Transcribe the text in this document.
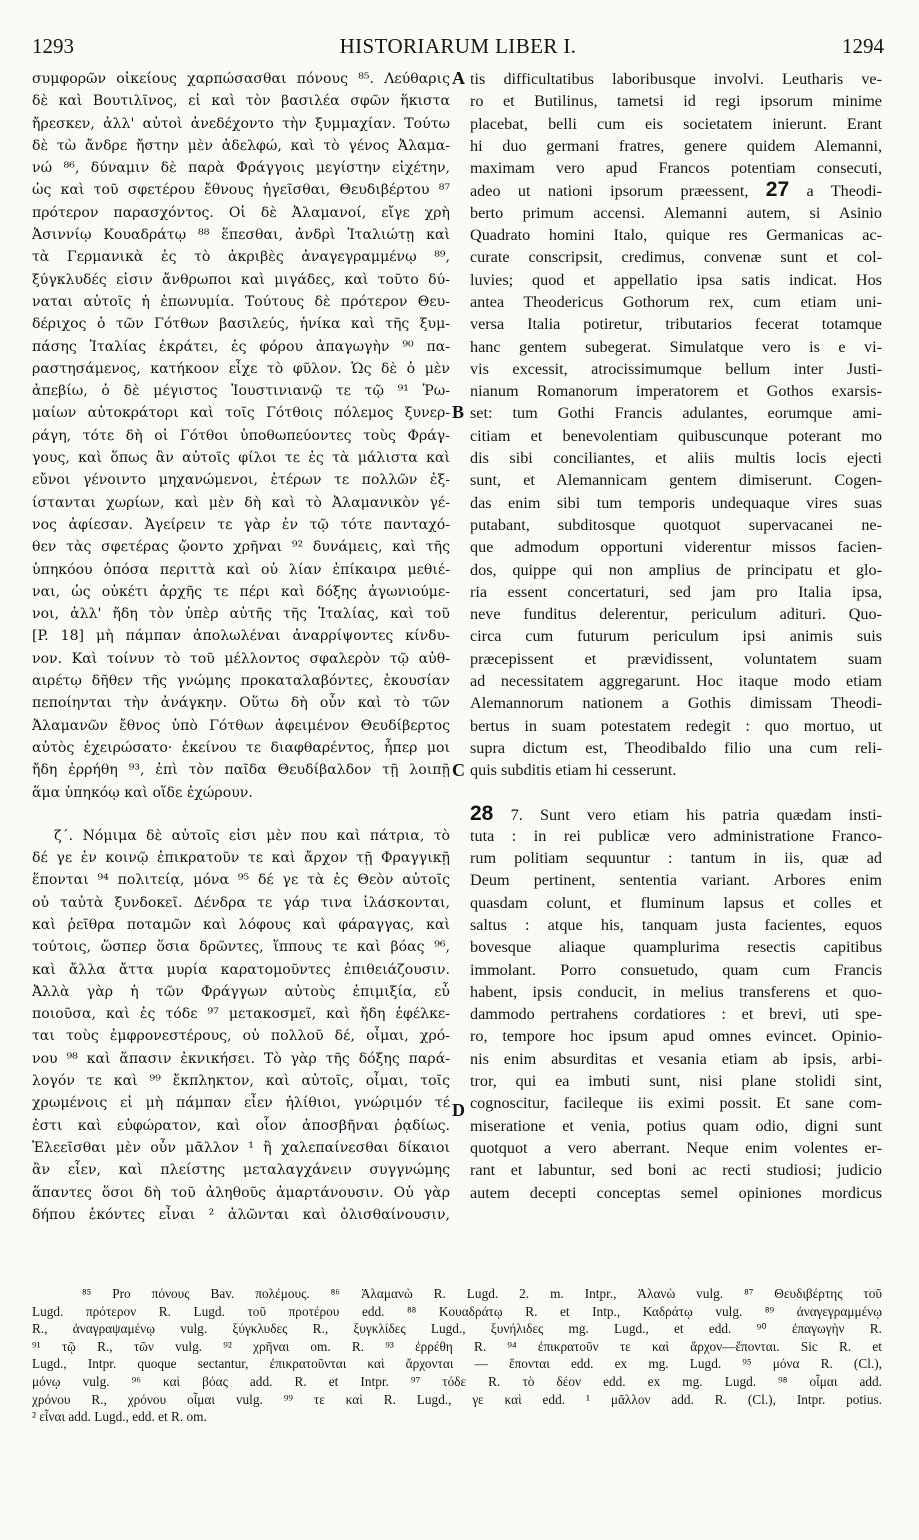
1293	HISTORIARUM LIBER I.	1294
A
B
C
D
συμφορῶν οἰκείους χαρπώσασθαι πόνους ⁸⁵. Λεύθαρις
δὲ καὶ Βουτιλῖνος, εἰ καὶ τὸν βασιλέα σφῶν ἥκιστα
ἤρεσκεν, ἀλλ' αὐτοὶ ἀνεδέχοντο τὴν ξυμμαχίαν. Τούτω
δὲ τὼ ἄνδρε ἤστην μὲν ἀδελφώ, καὶ τὸ γένος Ἀλαμα-
νώ ⁸⁶, δύναμιν δὲ παρὰ Φράγγοις μεγίστην εἰχέτην,
ὡς καὶ τοῦ σφετέρου ἔθνους ἡγεῖσθαι, Θευδιβέρτου ⁸⁷
πρότερον παρασχόντος. Οἱ δὲ Ἀλαμανοί, εἴγε χρὴ
Ἀσιννίῳ Κουαδράτῳ ⁸⁸ ἕπεσθαι, ἀνδρὶ Ἰταλιώτῃ καὶ
τὰ Γερμανικὰ ἐς τὸ ἀκριβὲς ἀναγεγραμμένῳ ⁸⁹,
ξύγκλυδές εἰσιν ἄνθρωποι καὶ μιγάδες, καὶ τοῦτο δύ-
ναται αὐτοῖς ἡ ἐπωνυμία. Τούτους δὲ πρότερον Θευ-
δέριχος ὁ τῶν Γότθων βασιλεύς, ἡνίκα καὶ τῆς ξυμ-
πάσης Ἰταλίας ἐκράτει, ἐς φόρου ἀπαγωγὴν ⁹⁰ πα-
ραστησάμενος, κατήκοον εἶχε τὸ φῦλον. Ὡς δὲ ὁ μὲν
ἀπεβίω, ὁ δὲ μέγιστος Ἰουστινιανῷ τε τῷ ⁹¹ Ῥω-
μαίων αὐτοκράτορι καὶ τοῖς Γότθοις πόλεμος ξυνερ-
ράγη, τότε δὴ οἱ Γότθοι ὑποθωπεύοντες τοὺς Φράγ-
γους, καὶ ὅπως ἂν αὐτοῖς φίλοι τε ἐς τὰ μάλιστα καὶ
εὔνοι γένοιντο μηχανώμενοι, ἑτέρων τε πολλῶν ἐξ-
ίστανται χωρίων, καὶ μὲν δὴ καὶ τὸ Ἀλαμανικὸν γέ-
νος ἀφίεσαν. Ἀγείρειν τε γὰρ ἐν τῷ τότε πανταχό-
θεν τὰς σφετέρας ᾤοντο χρῆναι ⁹² δυνάμεις, καὶ τῆς
ὑπηκόου ὁπόσα περιττὰ καὶ οὐ λίαν ἐπίκαιρα μεθιέ-
ναι, ὡς οὐκέτι ἀρχῆς τε πέρι καὶ δόξης ἀγωνιούμε-
νοι, ἀλλ' ἤδη τὸν ὑπὲρ αὐτῆς τῆς Ἰταλίας, καὶ τοῦ
[P. 18] μὴ πάμπαν ἀπολωλέναι ἀναρρίψοντες κίνδυ-
νον. Καὶ τοίνυν τὸ τοῦ μέλλοντος σφαλερὸν τῷ αὐθ-
αιρέτῳ δῆθεν τῆς γνώμης προκαταλαβόντες, ἑκουσίαν
πεποίηνται τὴν ἀνάγκην. Οὕτω δὴ οὖν καὶ τὸ τῶν
Ἀλαμανῶν ἔθνος ὑπὸ Γότθων ἀφειμένον Θευδίβερτος
αὐτὸς ἐχειρώσατο· ἐκείνου τε διαφθαρέντος, ἧπερ μοι
ἤδη ἐρρήθη ⁹³, ἐπὶ τὸν παῖδα Θευδίβαλδον τῇ λοιπῇ
ἅμα ὑπηκόῳ καὶ οἵδε ἐχώρουν.
ζ΄. Νόμιμα δὲ αὐτοῖς εἰσι μὲν που καὶ πάτρια, τὸ
δέ γε ἐν κοινῷ ἐπικρατοῦν τε καὶ ἄρχον τῇ Φραγγικῇ
ἕπονται ⁹⁴ πολιτείᾳ, μόνα ⁹⁵ δέ γε τὰ ἐς Θεὸν αὐτοῖς
οὐ ταὐτὰ ξυνδοκεῖ. Δένδρα τε γάρ τινα ἱλάσκονται,
καὶ ῥεῖθρα ποταμῶν καὶ λόφους καὶ φάραγγας, καὶ
τούτοις, ὥσπερ ὅσια δρῶντες, ἵππους τε καὶ βόας ⁹⁶,
καὶ ἄλλα ἄττα μυρία καρατομοῦντες ἐπιθειάζουσιν.
Ἀλλὰ γὰρ ἡ τῶν Φράγγων αὐτοὺς ἐπιμιξία, εὖ
ποιοῦσα, καὶ ἐς τόδε ⁹⁷ μετακοσμεῖ, καὶ ἤδη ἐφέλκε-
ται τοὺς ἐμφρονεστέρους, οὐ πολλοῦ δέ, οἶμαι, χρό-
νου ⁹⁸ καὶ ἅπασιν ἐκνικήσει. Τὸ γὰρ τῆς δόξης παρά-
λογόν τε καὶ ⁹⁹ ἔκπληκτον, καὶ αὐτοῖς, οἶμαι, τοῖς
χρωμένοις εἰ μὴ πάμπαν εἶεν ἠλίθιοι, γνώριμόν τέ
ἐστι καὶ εὐφώρατον, καὶ οἷον ἀποσβῆναι ῥᾳδίως.
Ἐλεεῖσθαι μὲν οὖν μᾶλλον ¹ ἢ χαλεπαίνεσθαι δίκαιοι
ἂν εἶεν, καὶ πλείστης μεταλαγχάνειν συγγνώμης
ἅπαντες ὅσοι δὴ τοῦ ἀληθοῦς ἁμαρτάνουσιν. Οὐ γὰρ
δήπου ἑκόντες εἶναι ² ἀλῶνται καὶ ὀλισθαίνουσιν,
tis difficultatibus laboribusque involvi. Leutharis ve-
ro et Butilinus, tametsi id regi ipsorum minime
placebat, belli cum eis societatem inierunt. Erant
hi duo germani fratres, genere quidem Alemanni,
maximam vero apud Francos potentiam consecuti,
adeo ut nationi ipsorum præessent, 27 a Theodi-
berto primum accensi. Alemanni autem, si Asinio
Quadrato homini Italo, quique res Germanicas ac-
curate conscripsit, credimus, convenæ sunt et col-
luvies; quod et appellatio ipsa satis indicat. Hos
antea Theodericus Gothorum rex, cum etiam uni-
versa Italia potiretur, tributarios fecerat totamque
hanc gentem subegerat. Simulatque vero is e vi-
vis excessit, atrocissimumque bellum inter Justi-
nianum Romanorum imperatorem et Gothos exarsis-
set: tum Gothi Francis adulantes, eorumque ami-
citiam et benevolentiam quibuscunque poterant mo
dis sibi conciliantes, et aliis multis locis ejecti
sunt, et Alemannicam gentem dimiserunt. Cogen-
das enim sibi tum temporis undequaque vires suas
putabant, subditosque quotquot supervacanei ne-
que admodum opportuni viderentur missos facien-
dos, quippe qui non amplius de principatu et glo-
ria essent concertaturi, sed jam pro Italia ipsa,
neve funditus delerentur, periculum adituri. Quo-
circa cum futurum periculum ipsi animis suis
præcepissent et prævidissent, voluntatem suam
ad necessitatem aggregarunt. Hoc itaque modo etiam
Alemannorum nationem a Gothis dimissam Theodi-
bertus in suam potestatem redegit : quo mortuo, ut
supra dictum est, Theodibaldo filio una cum reli-
quis subditis etiam hi cesserunt.
28 7. Sunt vero etiam his patria quædam insti-
tuta : in rei publicæ vero administratione Franco-
rum politiam sequuntur : tantum in iis, quæ ad
Deum pertinent, sententia variant. Arbores enim
quasdam colunt, et fluminum lapsus et colles et
saltus : atque his, tanquam justa facientes, equos
bovesque aliaque quamplurima resectis capitibus
immolant. Porro consuetudo, quam cum Francis
habent, ipsis conducit, in melius transferens et quo-
dammodo pertrahens cordatiores : et brevi, uti spe-
ro, tempore hoc ipsum apud omnes evincet. Opinio-
nis enim absurditas et vesania etiam ab ipsis, arbi-
tror, qui ea imbuti sunt, nisi plane stolidi sint,
cognoscitur, facileque iis eximi possit. Et sane com-
miseratione et venia, potius quam odio, digni sunt
quotquot a vero aberrant. Neque enim volentes er-
rant et labuntur, sed boni ac recti studiosi; judicio
autem decepti conceptas semel opiniones mordicus
⁸⁵ Pro πόνους Bav. πολέμους. ⁸⁶ Ἀλαμανὼ R. Lugd. 2. m. Intpr., Ἀλανὼ vulg. ⁸⁷ Θευδιβέρτης τοῦ
Lugd. πρότερον R. Lugd. τοῦ προτέρου edd. ⁸⁸ Κουαδράτῳ R. et Intp., Καδράτῳ vulg. ⁸⁹ ἀναγεγραμμένῳ
R., ἀναγραψαμένῳ vulg. ξύγκλυδες R., ξυγκλίδες Lugd., ξυνήλιδες mg. Lugd., et edd. ⁹⁰ ἐπαγωγὴν R.
⁹¹ τῷ R., τῶν vulg. ⁹² χρῆναι om. R. ⁹³ ἐρρέθη R. ⁹⁴ ἐπικρατοῦν τε καὶ ἄρχον—ἕπονται. Sic R. et
Lugd., Intpr. quoque sectantur, ἐπικρατοῦνται καὶ ἄρχονται — ἕπονται edd. ex mg. Lugd. ⁹⁵ μόνα R. (Cl.),
μόνῳ vulg. ⁹⁶ καὶ βόας add. R. et Intpr. ⁹⁷ τόδε R. τὸ δέον edd. ex mg. Lugd. ⁹⁸ οἶμαι add.
χρόνου R., χρόνου οἶμαι vulg. ⁹⁹ τε καὶ R. Lugd., γε καὶ edd. ¹ μᾶλλον add. R. (Cl.), Intpr. potius.
² εἶναι add. Lugd., edd. et R. om.
